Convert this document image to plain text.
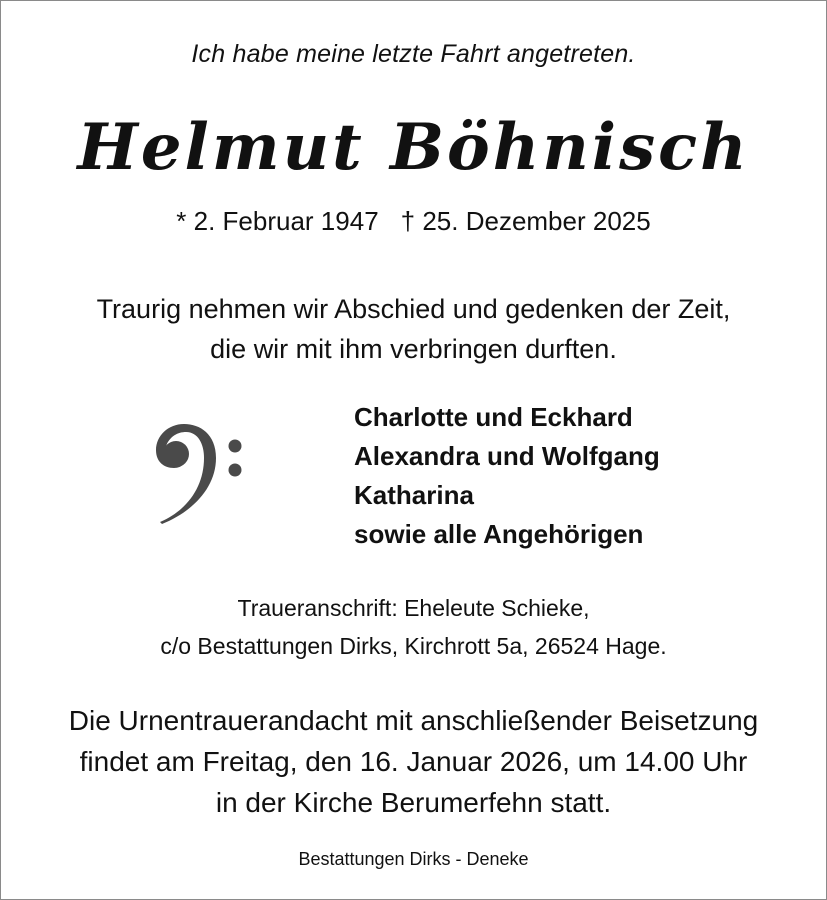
Ich habe meine letzte Fahrt angetreten.
Helmut Böhnisch
* 2. Februar 1947 † 25. Dezember 2025
Traurig nehmen wir Abschied und gedenken der Zeit,
die wir mit ihm verbringen durften.
Charlotte und Eckhard
Alexandra und Wolfgang
Katharina
sowie alle Angehörigen
Traueranschrift: Eheleute Schieke,
c/o Bestattungen Dirks, Kirchrott 5a, 26524 Hage.
Die Urnentrauerandacht mit anschließender Beisetzung
findet am Freitag, den 16. Januar 2026, um 14.00 Uhr
in der Kirche Berumerfehn statt.
Bestattungen Dirks - Deneke
